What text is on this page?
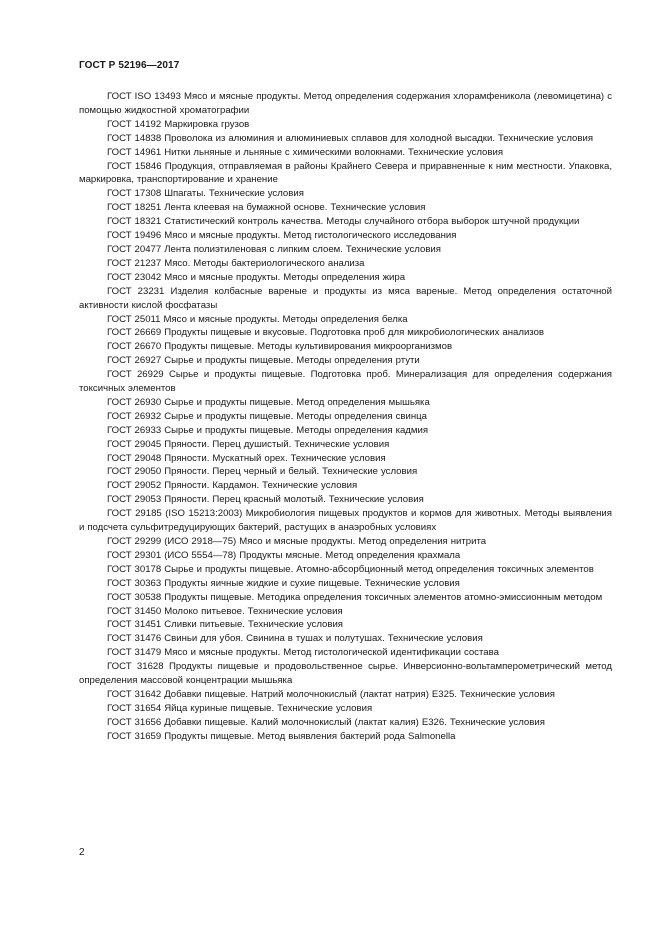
ГОСТ Р 52196—2017

ГОСТ ISO 13493 Мясо и мясные продукты. Метод определения содержания хлорамфеникола (левомицетина) с помощью жидкостной хроматографии

ГОСТ 14192 Маркировка грузов

ГОСТ 14838 Проволока из алюминия и алюминиевых сплавов для холодной высадки. Технические условия

ГОСТ 14961 Нитки льняные и льняные с химическими волокнами. Технические условия

ГОСТ 15846 Продукция, отправляемая в районы Крайнего Севера и приравненные к ним местности. Упаковка, маркировка, транспортирование и хранение

ГОСТ 17308 Шпагаты. Технические условия

ГОСТ 18251 Лента клеевая на бумажной основе. Технические условия

ГОСТ 18321 Статистический контроль качества. Методы случайного отбора выборок штучной продукции

ГОСТ 19496 Мясо и мясные продукты. Метод гистологического исследования

ГОСТ 20477 Лента полиэтиленовая с липким слоем. Технические условия

ГОСТ 21237 Мясо. Методы бактериологического анализа

ГОСТ 23042 Мясо и мясные продукты. Методы определения жира

ГОСТ 23231 Изделия колбасные вареные и продукты из мяса вареные. Метод определения остаточной активности кислой фосфатазы

ГОСТ 25011 Мясо и мясные продукты. Методы определения белка

ГОСТ 26669 Продукты пищевые и вкусовые. Подготовка проб для микробиологических анализов

ГОСТ 26670 Продукты пищевые. Методы культивирования микроорганизмов

ГОСТ 26927 Сырье и продукты пищевые. Методы определения ртути

ГОСТ 26929 Сырье и продукты пищевые. Подготовка проб. Минерализация для определения содержания токсичных элементов

ГОСТ 26930 Сырье и продукты пищевые. Метод определения мышьяка

ГОСТ 26932 Сырье и продукты пищевые. Методы определения свинца

ГОСТ 26933 Сырье и продукты пищевые. Методы определения кадмия

ГОСТ 29045 Пряности. Перец душистый. Технические условия

ГОСТ 29048 Пряности. Мускатный орех. Технические условия

ГОСТ 29050 Пряности. Перец черный и белый. Технические условия

ГОСТ 29052 Пряности. Кардамон. Технические условия

ГОСТ 29053 Пряности. Перец красный молотый. Технические условия

ГОСТ 29185 (ISO 15213:2003) Микробиология пищевых продуктов и кормов для животных. Методы выявления и подсчета сульфитредуцирующих бактерий, растущих в анаэробных условиях

ГОСТ 29299 (ИСО 2918—75) Мясо и мясные продукты. Метод определения нитрита

ГОСТ 29301 (ИСО 5554—78) Продукты мясные. Метод определения крахмала

ГОСТ 30178 Сырье и продукты пищевые. Атомно-абсорбционный метод определения токсичных элементов

ГОСТ 30363 Продукты яичные жидкие и сухие пищевые. Технические условия

ГОСТ 30538 Продукты пищевые. Методика определения токсичных элементов атомно-эмиссионным методом

ГОСТ 31450 Молоко питьевое. Технические условия

ГОСТ 31451 Сливки питьевые. Технические условия

ГОСТ 31476 Свиньи для убоя. Свинина в тушах и полутушах. Технические условия

ГОСТ 31479 Мясо и мясные продукты. Метод гистологической идентификации состава

ГОСТ 31628 Продукты пищевые и продовольственное сырье. Инверсионно-вольтамперометрический метод определения массовой концентрации мышьяка

ГОСТ 31642 Добавки пищевые. Натрий молочнокислый (лактат натрия) Е325. Технические условия

ГОСТ 31654 Яйца куриные пищевые. Технические условия

ГОСТ 31656 Добавки пищевые. Калий молочнокислый (лактат калия) Е326. Технические условия

ГОСТ 31659 Продукты пищевые. Метод выявления бактерий рода Salmonella

2
